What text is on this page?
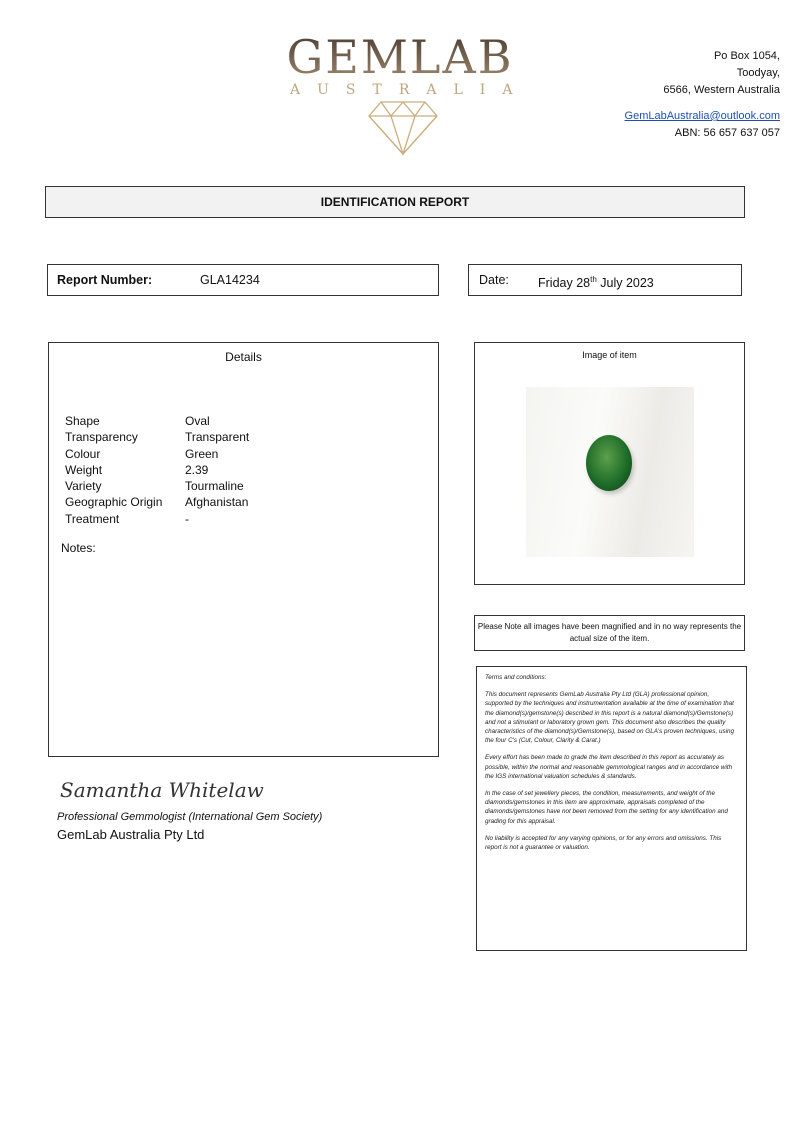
GEMLAB
AUSTRALIA
Po Box 1054,
Toodyay,
6566, Western Australia
GemLabAustralia@outlook.com
ABN: 56 657 637 057
IDENTIFICATION REPORT
Report Number:	GLA14234	Date: Friday 28th July 2023
Details
Shape	Oval
Transparency	Transparent
Colour	Green
Weight	2.39
Variety	Tourmaline
Geographic Origin	Afghanistan
Treatment	-
Notes:
Image of item
Please Note all images have been magnified and in no way represents the actual size of the item.

Terms and conditions:

This document represents GemLab Australia Pty Ltd (GLA) professional opinion, supported by the techniques and instrumentation available at the time of examination that the diamond(s)/gemstone(s) described in this report is a natural diamond(s)/Gemstone(s) and not a stimulant or laboratory grown gem. This document also describes the quality characteristics of the diamond(s)/Gemstone(s), based on GLA's proven techniques, using the four C's (Cut, Colour, Clarity & Carat.)

Every effort has been made to grade the item described in this report as accurately as possible, within the normal and reasonable gemmological ranges and in accordance with the IGS international valuation schedules & standards.

In the case of set jewellery pieces, the condition, measurements, and weight of the diamonds/gemstones in this item are approximate, appraisals completed of the diamonds/gemstones have not been removed from the setting for any identification and grading for this appraisal.

No liability is accepted for any varying opinions, or for any errors and omissions. This report is not a guarantee or valuation.

Samantha Whitelaw
Professional Gemmologist (International Gem Society)
GemLab Australia Pty Ltd
